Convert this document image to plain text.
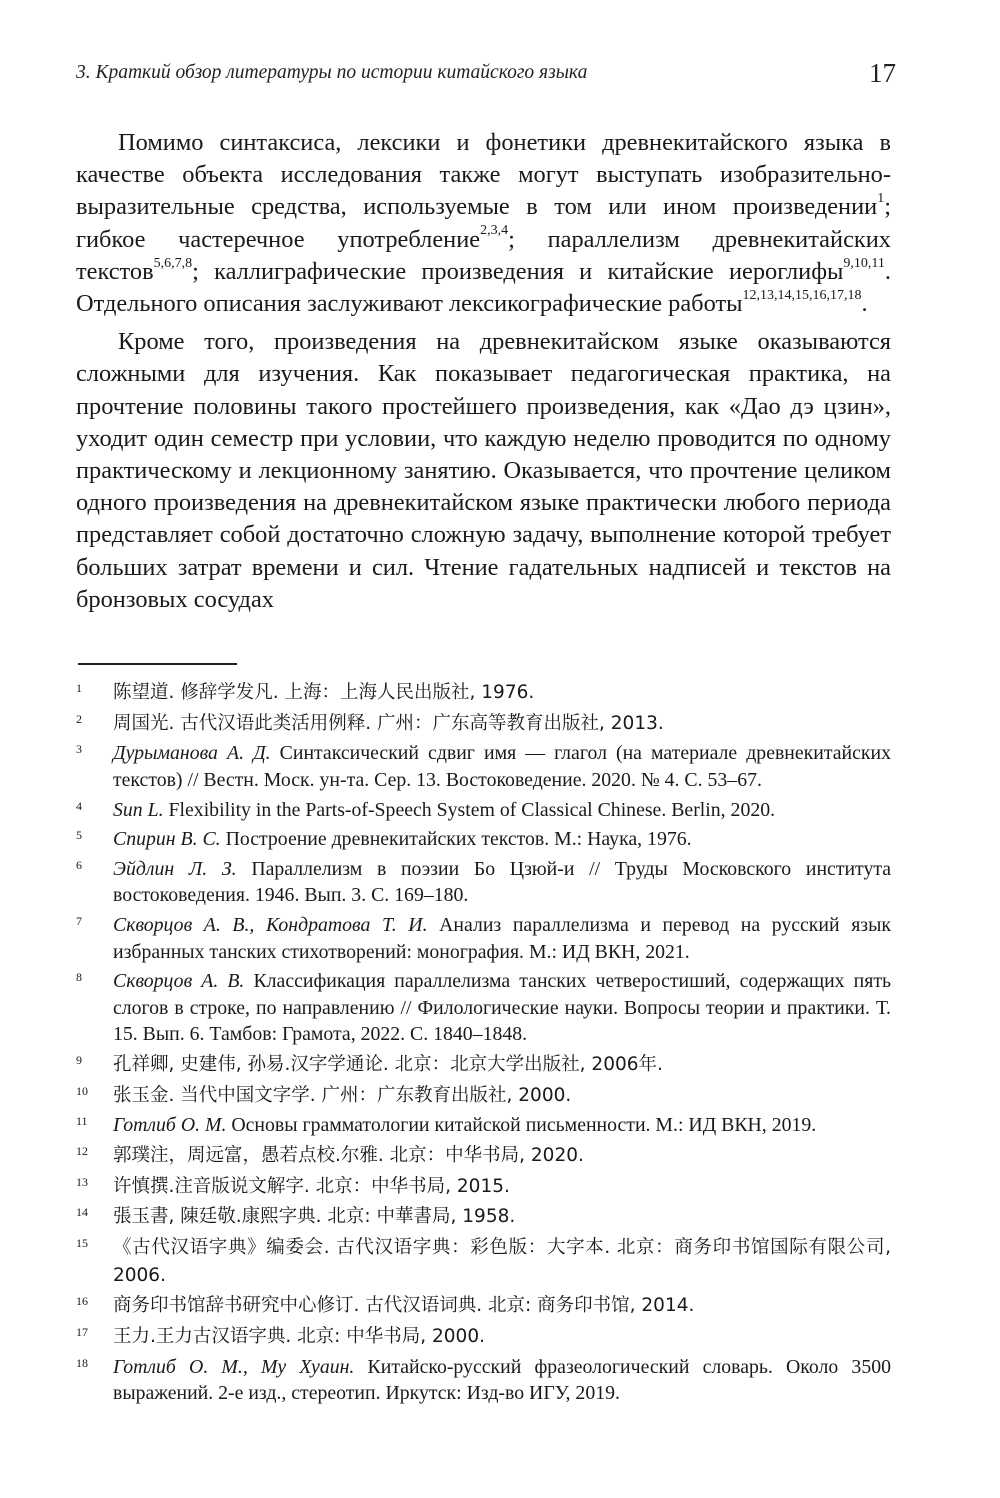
3. Краткий обзор литературы по истории китайского языка	17

Помимо синтаксиса, лексики и фонетики древнекитайского языка в качестве объекта исследования также могут выступать изобразительно-выразительные средства, используемые в том или ином произведении$^1$; гибкое частеречное употребление$^{2,3,4}$; параллелизм древнекитайских текстов$^{5,6,7,8}$; каллиграфические произведения и китайские иероглифы$^{9,10,11}$. Отдельного описания заслуживают лексикографические работы$^{12,13,14,15,16,17,18}$.

Кроме того, произведения на древнекитайском языке оказываются сложными для изучения. Как показывает педагогическая практика, на прочтение половины такого простейшего произведения, как «Дао дэ цзин», уходит один семестр при условии, что каждую неделю проводится по одному практическому и лекционному занятию. Оказывается, что прочтение целиком одного произведения на древнекитайском языке практически любого периода представляет собой достаточно сложную задачу, выполнение которой требует больших затрат времени и сил. Чтение гадательных надписей и текстов на бронзовых сосудах

1 陈望道. 修辞学发凡. 上海：上海人民出版社, 1976.
2 周国光. 古代汉语此类活用例释. 广州：广东高等教育出版社, 2013.
3 Дурыманова А. Д. Синтаксический сдвиг имя — глагол (на материале древнекитайских текстов) // Вестн. Моск. ун-та. Сер. 13. Востоковедение. 2020. № 4. С. 53–67.
4 Sun L. Flexibility in the Parts-of-Speech System of Classical Chinese. Berlin, 2020.
5 Спирин В. С. Построение древнекитайских текстов. М.: Наука, 1976.
6 Эйдлин Л. З. Параллелизм в поэзии Бо Цзюй-и // Труды Московского института востоковедения. 1946. Вып. 3. С. 169–180.
7 Скворцов А. В., Кондратова Т. И. Анализ параллелизма и перевод на русский язык избранных танских стихотворений: монография. М.: ИД ВКН, 2021.
8 Скворцов А. В. Классификация параллелизма танских четверостиший, содержащих пять слогов в строке, по направлению // Филологические науки. Вопросы теории и практики. Т. 15. Вып. 6. Тамбов: Грамота, 2022. С. 1840–1848.
9 孔祥卿, 史建伟, 孙易.汉字学通论. 北京：北京大学出版社, 2006年.
10 张玉金. 当代中国文字学. 广州：广东教育出版社, 2000.
11 Готлиб О. М. Основы грамматологии китайской письменности. М.: ИД ВКН, 2019.
12 郭璞注，周远富，愚若点校.尔雅. 北京：中华书局, 2020.
13 许慎撰.注音版说文解字. 北京：中华书局, 2015.
14 張玉書, 陳廷敬.康熙字典. 北京: 中華書局, 1958.
15 《古代汉语字典》编委会. 古代汉语字典：彩色版：大字本. 北京：商务印书馆国际有限公司, 2006.
16 商务印书馆辞书研究中心修订. 古代汉语词典. 北京: 商务印书馆, 2014.
17 王力.王力古汉语字典. 北京: 中华书局, 2000.
18 Готлиб О. М., Му Хуаин. Китайско-русский фразеологический словарь. Около 3500 выражений. 2-е изд., стереотип. Иркутск: Изд-во ИГУ, 2019.
